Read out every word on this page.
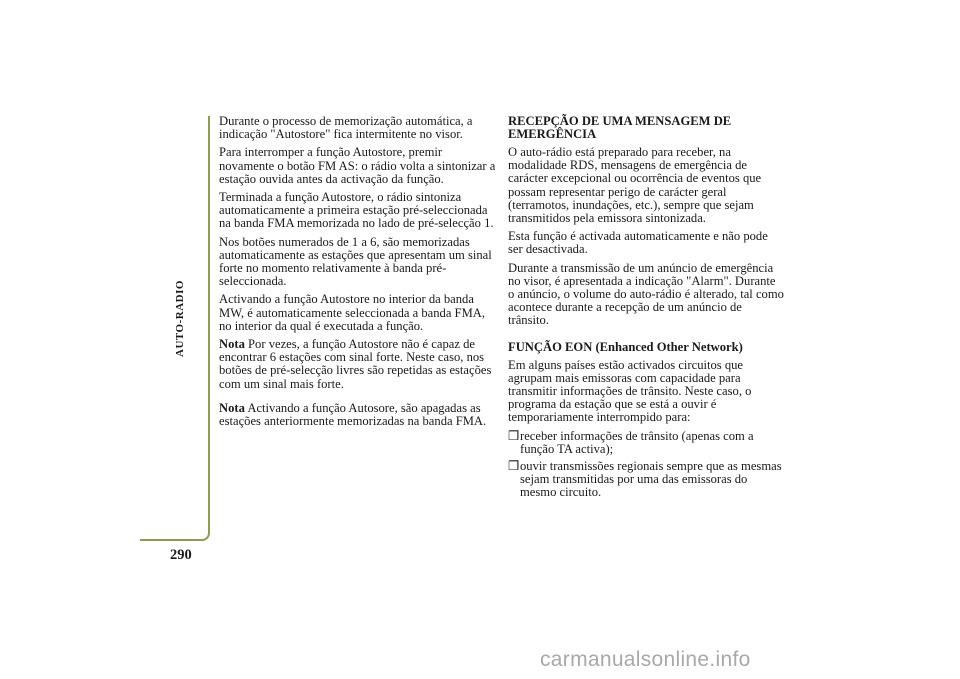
AUTO-RADIO
290

Durante o processo de memorização automática, a indicação "Autostore" fica intermitente no visor.

Para interromper a função Autostore, premir novamente o botão FM AS: o rádio volta a sintonizar a estação ouvida antes da activação da função.

Terminada a função Autostore, o rádio sintoniza automaticamente a primeira estação pré-seleccionada na banda FMA memorizada no lado de pré-selecção 1.

Nos botões numerados de 1 a 6, são memorizadas automaticamente as estações que apresentam um sinal forte no momento relativamente à banda pré-seleccionada.

Activando a função Autostore no interior da banda MW, é automaticamente seleccionada a banda FMA, no interior da qual é executada a função.

Nota Por vezes, a função Autostore não é capaz de encontrar 6 estações com sinal forte. Neste caso, nos botões de pré-selecção livres são repetidas as estações com um sinal mais forte.

Nota Activando a função Autosore, são apagadas as estações anteriormente memorizadas na banda FMA.

RECEPÇÃO DE UMA MENSAGEM DE EMERGÊNCIA

O auto-rádio está preparado para receber, na modalidade RDS, mensagens de emergência de carácter excepcional ou ocorrência de eventos que possam representar perigo de carácter geral (terramotos, inundações, etc.), sempre que sejam transmitidos pela emissora sintonizada.

Esta função é activada automaticamente e não pode ser desactivada.

Durante a transmissão de um anúncio de emergência no visor, é apresentada a indicação "Alarm". Durante o anúncio, o volume do auto-rádio é alterado, tal como acontece durante a recepção de um anúncio de trânsito.

FUNÇÃO EON (Enhanced Other Network)

Em alguns países estão activados circuitos que agrupam mais emissoras com capacidade para transmitir informações de trânsito. Neste caso, o programa da estação que se está a ouvir é temporariamente interrompido para:

❒ receber informações de trânsito (apenas com a função TA activa);
❒ ouvir transmissões regionais sempre que as mesmas sejam transmitidas por uma das emissoras do mesmo circuito.
carmanualsonline.info
